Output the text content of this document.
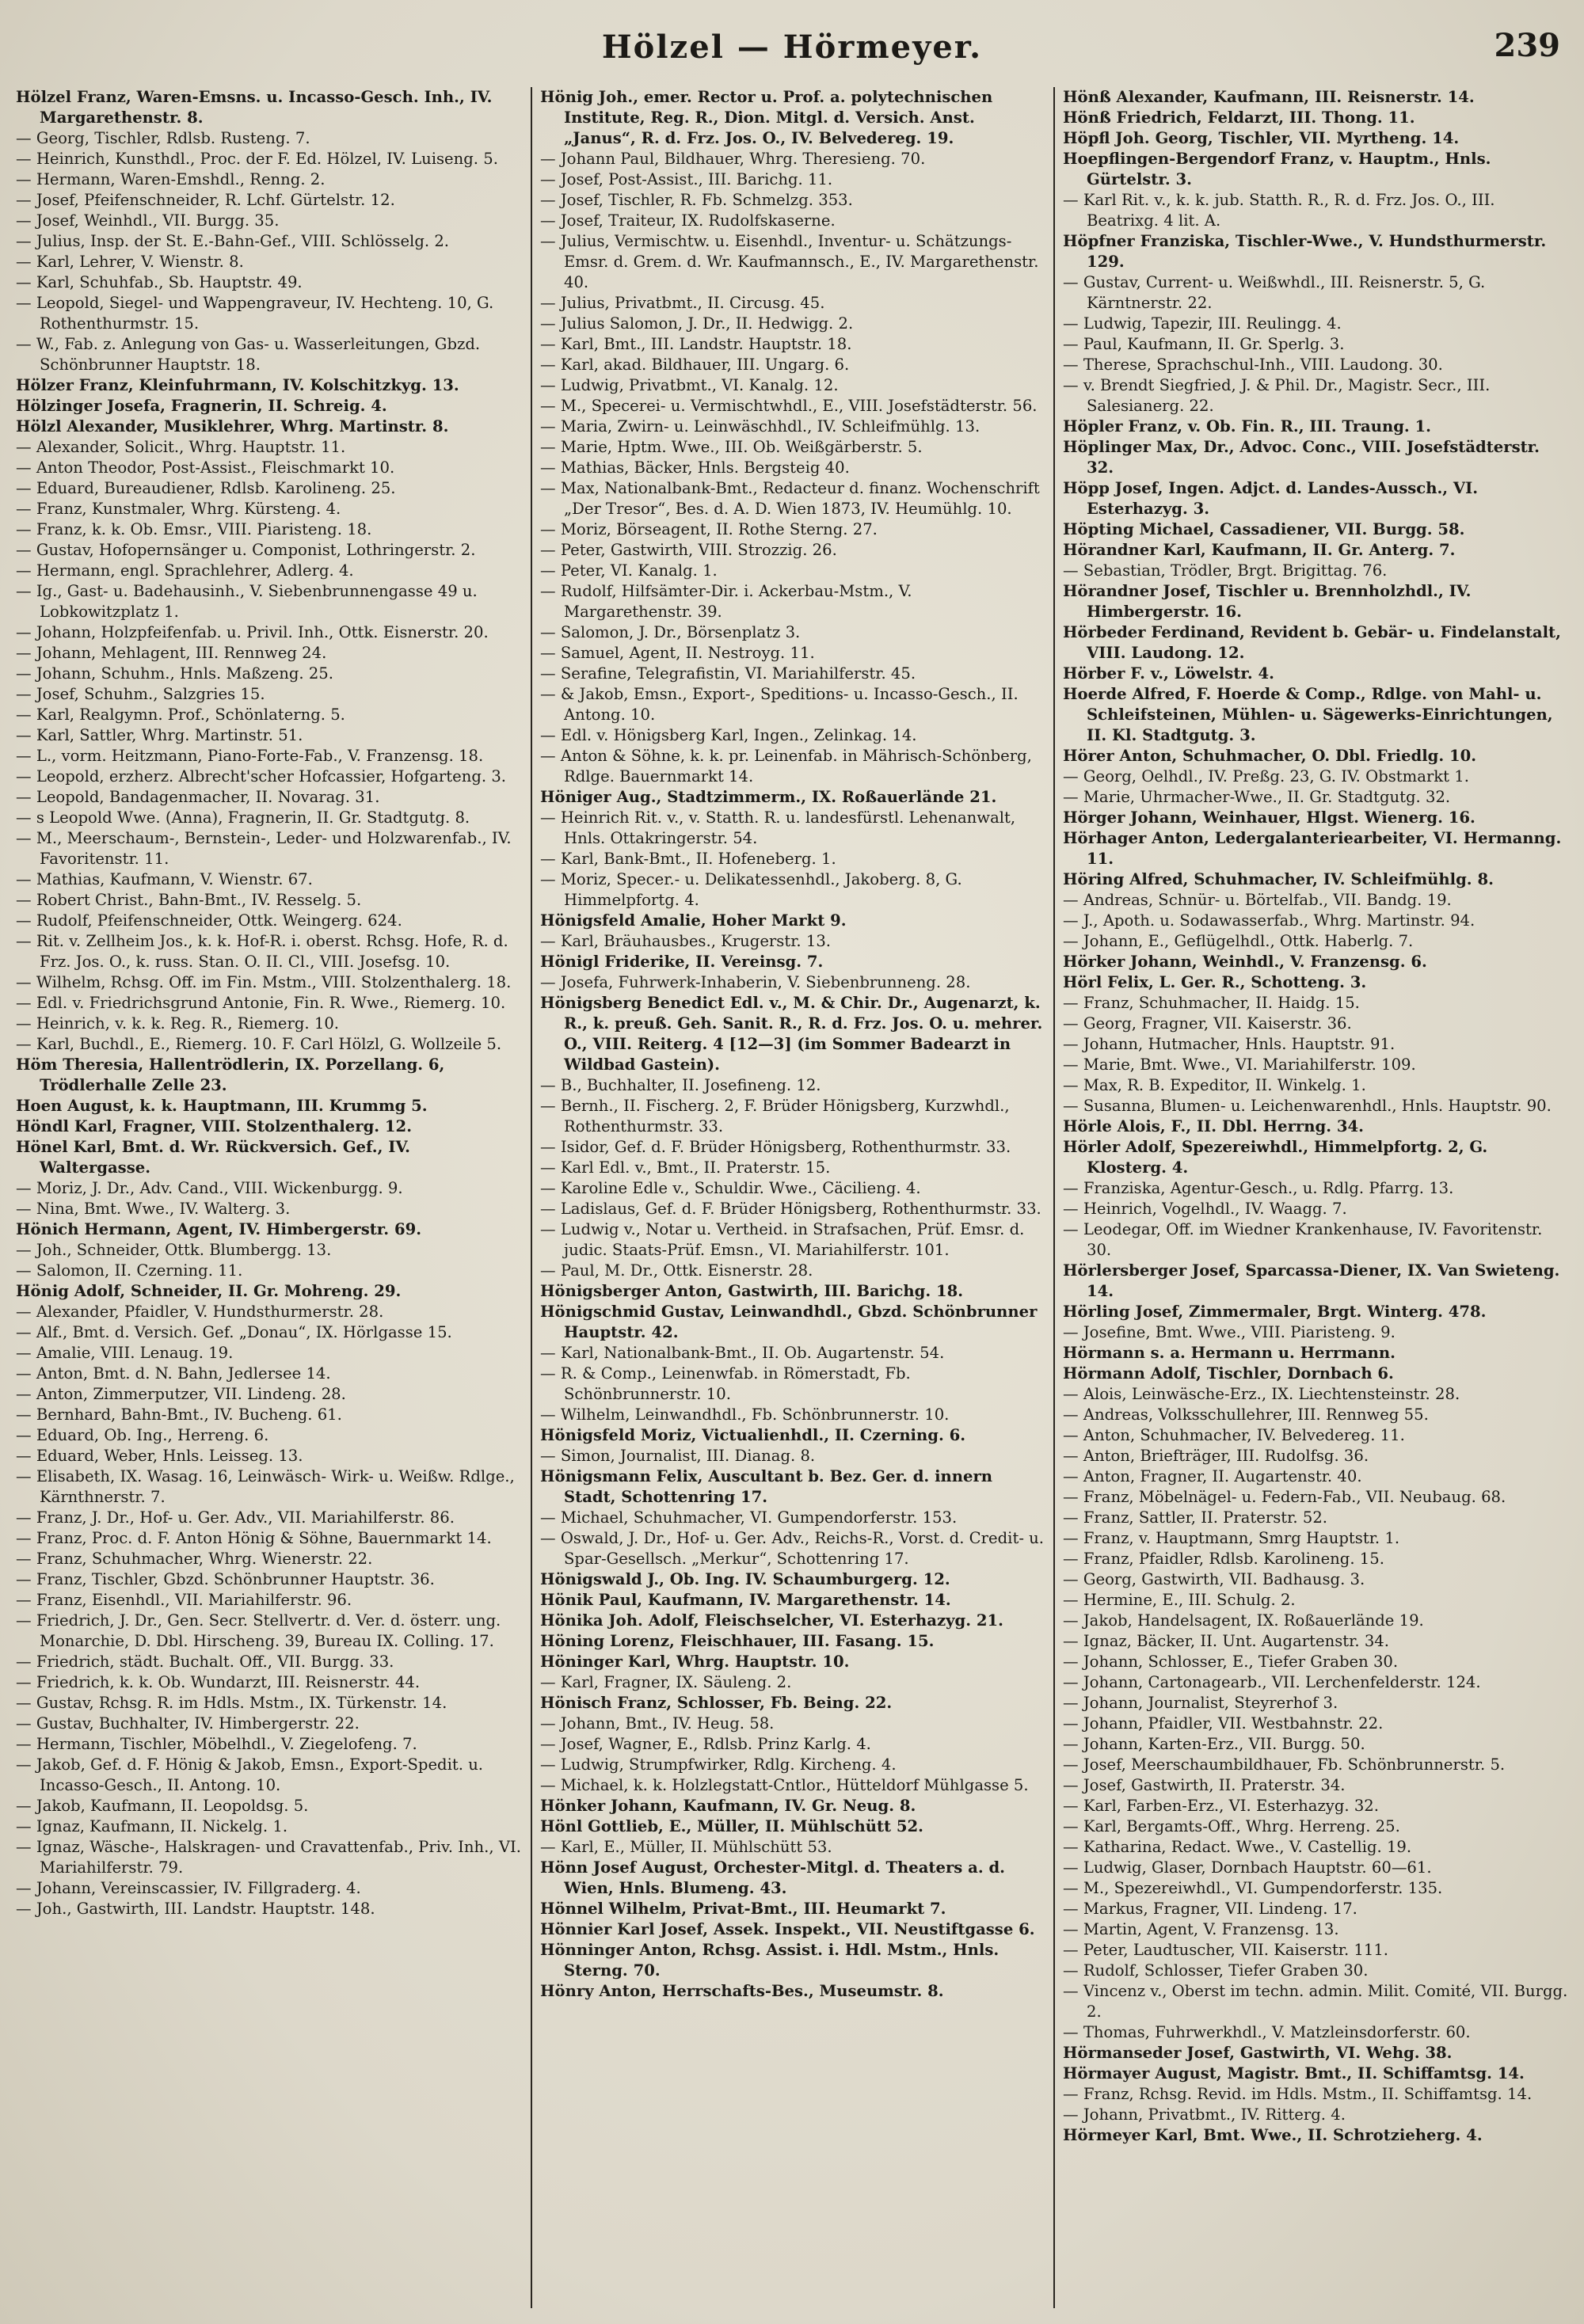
Hölzel — Hörmeyer.	239

Hölzel Franz, Waren-Emsns. u. Incasso-Gesch. Inh., IV. Margarethenstr. 8.

— Georg, Tischler, Rdlsb. Rusteng. 7.

— Heinrich, Kunsthdl., Proc. der F. Ed. Hölzel, IV. Luiseng. 5.

— Hermann, Waren-Emshdl., Renng. 2.

— Josef, Pfeifenschneider, R. Lchf. Gürtelstr. 12.

— Josef, Weinhdl., VII. Burgg. 35.

— Julius, Insp. der St. E.-Bahn-Gef., VIII. Schlösselg. 2.

— Karl, Lehrer, V. Wienstr. 8.

— Karl, Schuhfab., Sb. Hauptstr. 49.

— Leopold, Siegel- und Wappengraveur, IV. Hechteng. 10, G. Rothenthurmstr. 15.

— W., Fab. z. Anlegung von Gas- u. Wasserleitungen, Gbzd. Schönbrunner Hauptstr. 18.

Hölzer Franz, Kleinfuhrmann, IV. Kolschitzkyg. 13.

Hölzinger Josefa, Fragnerin, II. Schreig. 4.

Hölzl Alexander, Musiklehrer, Whrg. Martinstr. 8.

— Alexander, Solicit., Whrg. Hauptstr. 11.

— Anton Theodor, Post-Assist., Fleischmarkt 10.

— Eduard, Bureaudiener, Rdlsb. Karolineng. 25.

— Franz, Kunstmaler, Whrg. Kürsteng. 4.

— Franz, k. k. Ob. Emsr., VIII. Piaristeng. 18.

— Gustav, Hofopernsänger u. Componist, Lothringerstr. 2.

— Hermann, engl. Sprachlehrer, Adlerg. 4.

— Ig., Gast- u. Badehausinh., V. Siebenbrunnengasse 49 u. Lobkowitzplatz 1.

— Johann, Holzpfeifenfab. u. Privil. Inh., Ottk. Eisnerstr. 20.

— Johann, Mehlagent, III. Rennweg 24.

— Johann, Schuhm., Hnls. Maßzeng. 25.

— Josef, Schuhm., Salzgries 15.

— Karl, Realgymn. Prof., Schönlaterng. 5.

— Karl, Sattler, Whrg. Martinstr. 51.

— L., vorm. Heitzmann, Piano-Forte-Fab., V. Franzensg. 18.

— Leopold, erzherz. Albrecht'scher Hofcassier, Hofgarteng. 3.

— Leopold, Bandagenmacher, II. Novarag. 31.

— s Leopold Wwe. (Anna), Fragnerin, II. Gr. Stadtgutg. 8.

— M., Meerschaum-, Bernstein-, Leder- und Holzwarenfab., IV. Favoritenstr. 11.

— Mathias, Kaufmann, V. Wienstr. 67.

— Robert Christ., Bahn-Bmt., IV. Resselg. 5.

— Rudolf, Pfeifenschneider, Ottk. Weingerg. 624.

— Rit. v. Zellheim Jos., k. k. Hof-R. i. oberst. Rchsg. Hofe, R. d. Frz. Jos. O., k. russ. Stan. O. II. Cl., VIII. Josefsg. 10.

— Wilhelm, Rchsg. Off. im Fin. Mstm., VIII. Stolzenthalerg. 18.

— Edl. v. Friedrichsgrund Antonie, Fin. R. Wwe., Riemerg. 10.

— Heinrich, v. k. k. Reg. R., Riemerg. 10.

— Karl, Buchdl., E., Riemerg. 10. F. Carl Hölzl, G. Wollzeile 5.

Höm Theresia, Hallentrödlerin, IX. Porzellang. 6, Trödlerhalle Zelle 23.

Hoen August, k. k. Hauptmann, III. Krummg 5.

Höndl Karl, Fragner, VIII. Stolzenthalerg. 12.

Hönel Karl, Bmt. d. Wr. Rückversich. Gef., IV. Waltergasse.

— Moriz, J. Dr., Adv. Cand., VIII. Wickenburgg. 9.

— Nina, Bmt. Wwe., IV. Walterg. 3.

Hönich Hermann, Agent, IV. Himbergerstr. 69.

— Joh., Schneider, Ottk. Blumbergg. 13.

— Salomon, II. Czerning. 11.

Hönig Adolf, Schneider, II. Gr. Mohreng. 29.

— Alexander, Pfaidler, V. Hundsthurmerstr. 28.

— Alf., Bmt. d. Versich. Gef. „Donau“, IX. Hörlgasse 15.

— Amalie, VIII. Lenaug. 19.

— Anton, Bmt. d. N. Bahn, Jedlersee 14.

— Anton, Zimmerputzer, VII. Lindeng. 28.

— Bernhard, Bahn-Bmt., IV. Bucheng. 61.

— Eduard, Ob. Ing., Herreng. 6.

— Eduard, Weber, Hnls. Leisseg. 13.

— Elisabeth, IX. Wasag. 16, Leinwäsch- Wirk- u. Weißw. Rdlge., Kärnthnerstr. 7.

— Franz, J. Dr., Hof- u. Ger. Adv., VII. Mariahilferstr. 86.

— Franz, Proc. d. F. Anton Hönig & Söhne, Bauernmarkt 14.

— Franz, Schuhmacher, Whrg. Wienerstr. 22.

— Franz, Tischler, Gbzd. Schönbrunner Hauptstr. 36.

— Franz, Eisenhdl., VII. Mariahilferstr. 96.

— Friedrich, J. Dr., Gen. Secr. Stellvertr. d. Ver. d. österr. ung. Monarchie, D. Dbl. Hirscheng. 39, Bureau IX. Colling. 17.

— Friedrich, städt. Buchalt. Off., VII. Burgg. 33.

— Friedrich, k. k. Ob. Wundarzt, III. Reisnerstr. 44.

— Gustav, Rchsg. R. im Hdls. Mstm., IX. Türkenstr. 14.

— Gustav, Buchhalter, IV. Himbergerstr. 22.

— Hermann, Tischler, Möbelhdl., V. Ziegelofeng. 7.

— Jakob, Gef. d. F. Hönig & Jakob, Emsn., Export-Spedit. u. Incasso-Gesch., II. Antong. 10.

— Jakob, Kaufmann, II. Leopoldsg. 5.

— Ignaz, Kaufmann, II. Nickelg. 1.

— Ignaz, Wäsche-, Halskragen- und Cravattenfab., Priv. Inh., VI. Mariahilferstr. 79.

— Johann, Vereinscassier, IV. Fillgraderg. 4.

— Joh., Gastwirth, III. Landstr. Hauptstr. 148.

Hönig Joh., emer. Rector u. Prof. a. polytechnischen Institute, Reg. R., Dion. Mitgl. d. Versich. Anst. „Janus“, R. d. Frz. Jos. O., IV. Belvedereg. 19.

— Johann Paul, Bildhauer, Whrg. Theresieng. 70.

— Josef, Post-Assist., III. Barichg. 11.

— Josef, Tischler, R. Fb. Schmelzg. 353.

— Josef, Traiteur, IX. Rudolfskaserne.

— Julius, Vermischtw. u. Eisenhdl., Inventur- u. Schätzungs-Emsr. d. Grem. d. Wr. Kaufmannsch., E., IV. Margarethenstr. 40.

— Julius, Privatbmt., II. Circusg. 45.

— Julius Salomon, J. Dr., II. Hedwigg. 2.

— Karl, Bmt., III. Landstr. Hauptstr. 18.

— Karl, akad. Bildhauer, III. Ungarg. 6.

— Ludwig, Privatbmt., VI. Kanalg. 12.

— M., Specerei- u. Vermischtwhdl., E., VIII. Josefstädterstr. 56.

— Maria, Zwirn- u. Leinwäschhdl., IV. Schleifmühlg. 13.

— Marie, Hptm. Wwe., III. Ob. Weißgärberstr. 5.

— Mathias, Bäcker, Hnls. Bergsteig 40.

— Max, Nationalbank-Bmt., Redacteur d. finanz. Wochenschrift „Der Tresor“, Bes. d. A. D. Wien 1873, IV. Heumühlg. 10.

— Moriz, Börseagent, II. Rothe Sterng. 27.

— Peter, Gastwirth, VIII. Strozzig. 26.

— Peter, VI. Kanalg. 1.

— Rudolf, Hilfsämter-Dir. i. Ackerbau-Mstm., V. Margarethenstr. 39.

— Salomon, J. Dr., Börsenplatz 3.

— Samuel, Agent, II. Nestroyg. 11.

— Serafine, Telegrafistin, VI. Mariahilferstr. 45.

— & Jakob, Emsn., Export-, Speditions- u. Incasso-Gesch., II. Antong. 10.

— Edl. v. Hönigsberg Karl, Ingen., Zelinkag. 14.

— Anton & Söhne, k. k. pr. Leinenfab. in Mährisch-Schönberg, Rdlge. Bauernmarkt 14.

Höniger Aug., Stadtzimmerm., IX. Roßauerlände 21.

— Heinrich Rit. v., v. Statth. R. u. landesfürstl. Lehenanwalt, Hnls. Ottakringerstr. 54.

— Karl, Bank-Bmt., II. Hofeneberg. 1.

— Moriz, Specer.- u. Delikatessenhdl., Jakoberg. 8, G. Himmelpfortg. 4.

Hönigsfeld Amalie, Hoher Markt 9.

— Karl, Bräuhausbes., Krugerstr. 13.

Hönigl Friderike, II. Vereinsg. 7.

— Josefa, Fuhrwerk-Inhaberin, V. Siebenbrunneng. 28.

Hönigsberg Benedict Edl. v., M. & Chir. Dr., Augenarzt, k. R., k. preuß. Geh. Sanit. R., R. d. Frz. Jos. O. u. mehrer. O., VIII. Reiterg. 4 [12—3] (im Sommer Badearzt in Wildbad Gastein).

— B., Buchhalter, II. Josefineng. 12.

— Bernh., II. Fischerg. 2, F. Brüder Hönigsberg, Kurzwhdl., Rothenthurmstr. 33.

— Isidor, Gef. d. F. Brüder Hönigsberg, Rothenthurmstr. 33.

— Karl Edl. v., Bmt., II. Praterstr. 15.

— Karoline Edle v., Schuldir. Wwe., Cäcilieng. 4.

— Ladislaus, Gef. d. F. Brüder Hönigsberg, Rothenthurmstr. 33.

— Ludwig v., Notar u. Vertheid. in Strafsachen, Prüf. Emsr. d. judic. Staats-Prüf. Emsn., VI. Mariahilferstr. 101.

— Paul, M. Dr., Ottk. Eisnerstr. 28.

Hönigsberger Anton, Gastwirth, III. Barichg. 18.

Hönigschmid Gustav, Leinwandhdl., Gbzd. Schönbrunner Hauptstr. 42.

— Karl, Nationalbank-Bmt., II. Ob. Augartenstr. 54.

— R. & Comp., Leinenwfab. in Römerstadt, Fb. Schönbrunnerstr. 10.

— Wilhelm, Leinwandhdl., Fb. Schönbrunnerstr. 10.

Hönigsfeld Moriz, Victualienhdl., II. Czerning. 6.

— Simon, Journalist, III. Dianag. 8.

Hönigsmann Felix, Auscultant b. Bez. Ger. d. innern Stadt, Schottenring 17.

— Michael, Schuhmacher, VI. Gumpendorferstr. 153.

— Oswald, J. Dr., Hof- u. Ger. Adv., Reichs-R., Vorst. d. Credit- u. Spar-Gesellsch. „Merkur“, Schottenring 17.

Hönigswald J., Ob. Ing. IV. Schaumburgerg. 12.

Hönik Paul, Kaufmann, IV. Margarethenstr. 14.

Hönika Joh. Adolf, Fleischselcher, VI. Esterhazyg. 21.

Höning Lorenz, Fleischhauer, III. Fasang. 15.

Höninger Karl, Whrg. Hauptstr. 10.

— Karl, Fragner, IX. Säuleng. 2.

Hönisch Franz, Schlosser, Fb. Being. 22.

— Johann, Bmt., IV. Heug. 58.

— Josef, Wagner, E., Rdlsb. Prinz Karlg. 4.

— Ludwig, Strumpfwirker, Rdlg. Kircheng. 4.

— Michael, k. k. Holzlegstatt-Cntlor., Hütteldorf Mühlgasse 5.

Hönker Johann, Kaufmann, IV. Gr. Neug. 8.

Hönl Gottlieb, E., Müller, II. Mühlschütt 52.

— Karl, E., Müller, II. Mühlschütt 53.

Hönn Josef August, Orchester-Mitgl. d. Theaters a. d. Wien, Hnls. Blumeng. 43.

Hönnel Wilhelm, Privat-Bmt., III. Heumarkt 7.

Hönnier Karl Josef, Assek. Inspekt., VII. Neustiftgasse 6.

Hönninger Anton, Rchsg. Assist. i. Hdl. Mstm., Hnls. Sterng. 70.

Hönry Anton, Herrschafts-Bes., Museumstr. 8.

Hönß Alexander, Kaufmann, III. Reisnerstr. 14.

Hönß Friedrich, Feldarzt, III. Thong. 11.

Höpfl Joh. Georg, Tischler, VII. Myrtheng. 14.

Hoepflingen-Bergendorf Franz, v. Hauptm., Hnls. Gürtelstr. 3.

— Karl Rit. v., k. k. jub. Statth. R., R. d. Frz. Jos. O., III. Beatrixg. 4 lit. A.

Höpfner Franziska, Tischler-Wwe., V. Hundsthurmerstr. 129.

— Gustav, Current- u. Weißwhdl., III. Reisnerstr. 5, G. Kärntnerstr. 22.

— Ludwig, Tapezir, III. Reulingg. 4.

— Paul, Kaufmann, II. Gr. Sperlg. 3.

— Therese, Sprachschul-Inh., VIII. Laudong. 30.

— v. Brendt Siegfried, J. & Phil. Dr., Magistr. Secr., III. Salesianerg. 22.

Höpler Franz, v. Ob. Fin. R., III. Traung. 1.

Höplinger Max, Dr., Advoc. Conc., VIII. Josefstädterstr. 32.

Höpp Josef, Ingen. Adjct. d. Landes-Aussch., VI. Esterhazyg. 3.

Höpting Michael, Cassadiener, VII. Burgg. 58.

Hörandner Karl, Kaufmann, II. Gr. Anterg. 7.

— Sebastian, Trödler, Brgt. Brigittag. 76.

Hörandner Josef, Tischler u. Brennholzhdl., IV. Himbergerstr. 16.

Hörbeder Ferdinand, Revident b. Gebär- u. Findelanstalt, VIII. Laudong. 12.

Hörber F. v., Löwelstr. 4.

Hoerde Alfred, F. Hoerde & Comp., Rdlge. von Mahl- u. Schleifsteinen, Mühlen- u. Sägewerks-Einrichtungen, II. Kl. Stadtgutg. 3.

Hörer Anton, Schuhmacher, O. Dbl. Friedlg. 10.

— Georg, Oelhdl., IV. Preßg. 23, G. IV. Obstmarkt 1.

— Marie, Uhrmacher-Wwe., II. Gr. Stadtgutg. 32.

Hörger Johann, Weinhauer, Hlgst. Wienerg. 16.

Hörhager Anton, Ledergalanteriearbeiter, VI. Hermanng. 11.

Höring Alfred, Schuhmacher, IV. Schleifmühlg. 8.

— Andreas, Schnür- u. Börtelfab., VII. Bandg. 19.

— J., Apoth. u. Sodawasserfab., Whrg. Martinstr. 94.

— Johann, E., Geflügelhdl., Ottk. Haberlg. 7.

Hörker Johann, Weinhdl., V. Franzensg. 6.

Hörl Felix, L. Ger. R., Schotteng. 3.

— Franz, Schuhmacher, II. Haidg. 15.

— Georg, Fragner, VII. Kaiserstr. 36.

— Johann, Hutmacher, Hnls. Hauptstr. 91.

— Marie, Bmt. Wwe., VI. Mariahilferstr. 109.

— Max, R. B. Expeditor, II. Winkelg. 1.

— Susanna, Blumen- u. Leichenwarenhdl., Hnls. Hauptstr. 90.

Hörle Alois, F., II. Dbl. Herrng. 34.

Hörler Adolf, Spezereiwhdl., Himmelpfortg. 2, G. Klosterg. 4.

— Franziska, Agentur-Gesch., u. Rdlg. Pfarrg. 13.

— Heinrich, Vogelhdl., IV. Waagg. 7.

— Leodegar, Off. im Wiedner Krankenhause, IV. Favoritenstr. 30.

Hörlersberger Josef, Sparcassa-Diener, IX. Van Swieteng. 14.

Hörling Josef, Zimmermaler, Brgt. Winterg. 478.

— Josefine, Bmt. Wwe., VIII. Piaristeng. 9.

Hörmann s. a. Hermann u. Herrmann.

Hörmann Adolf, Tischler, Dornbach 6.

— Alois, Leinwäsche-Erz., IX. Liechtensteinstr. 28.

— Andreas, Volksschullehrer, III. Rennweg 55.

— Anton, Schuhmacher, IV. Belvedereg. 11.

— Anton, Briefträger, III. Rudolfsg. 36.

— Anton, Fragner, II. Augartenstr. 40.

— Franz, Möbelnägel- u. Federn-Fab., VII. Neubaug. 68.

— Franz, Sattler, II. Praterstr. 52.

— Franz, v. Hauptmann, Smrg Hauptstr. 1.

— Franz, Pfaidler, Rdlsb. Karolineng. 15.

— Georg, Gastwirth, VII. Badhausg. 3.

— Hermine, E., III. Schulg. 2.

— Jakob, Handelsagent, IX. Roßauerlände 19.

— Ignaz, Bäcker, II. Unt. Augartenstr. 34.

— Johann, Schlosser, E., Tiefer Graben 30.

— Johann, Cartonagearb., VII. Lerchenfelderstr. 124.

— Johann, Journalist, Steyrerhof 3.

— Johann, Pfaidler, VII. Westbahnstr. 22.

— Johann, Karten-Erz., VII. Burgg. 50.

— Josef, Meerschaumbildhauer, Fb. Schönbrunnerstr. 5.

— Josef, Gastwirth, II. Praterstr. 34.

— Karl, Farben-Erz., VI. Esterhazyg. 32.

— Karl, Bergamts-Off., Whrg. Herreng. 25.

— Katharina, Redact. Wwe., V. Castellig. 19.

— Ludwig, Glaser, Dornbach Hauptstr. 60—61.

— M., Spezereiwhdl., VI. Gumpendorferstr. 135.

— Markus, Fragner, VII. Lindeng. 17.

— Martin, Agent, V. Franzensg. 13.

— Peter, Laudtuscher, VII. Kaiserstr. 111.

— Rudolf, Schlosser, Tiefer Graben 30.

— Vincenz v., Oberst im techn. admin. Milit. Comité, VII. Burgg. 2.

— Thomas, Fuhrwerkhdl., V. Matzleinsdorferstr. 60.

Hörmanseder Josef, Gastwirth, VI. Wehg. 38.

Hörmayer August, Magistr. Bmt., II. Schiffamtsg. 14.

— Franz, Rchsg. Revid. im Hdls. Mstm., II. Schiffamtsg. 14.

— Johann, Privatbmt., IV. Ritterg. 4.

Hörmeyer Karl, Bmt. Wwe., II. Schrotzieherg. 4.
